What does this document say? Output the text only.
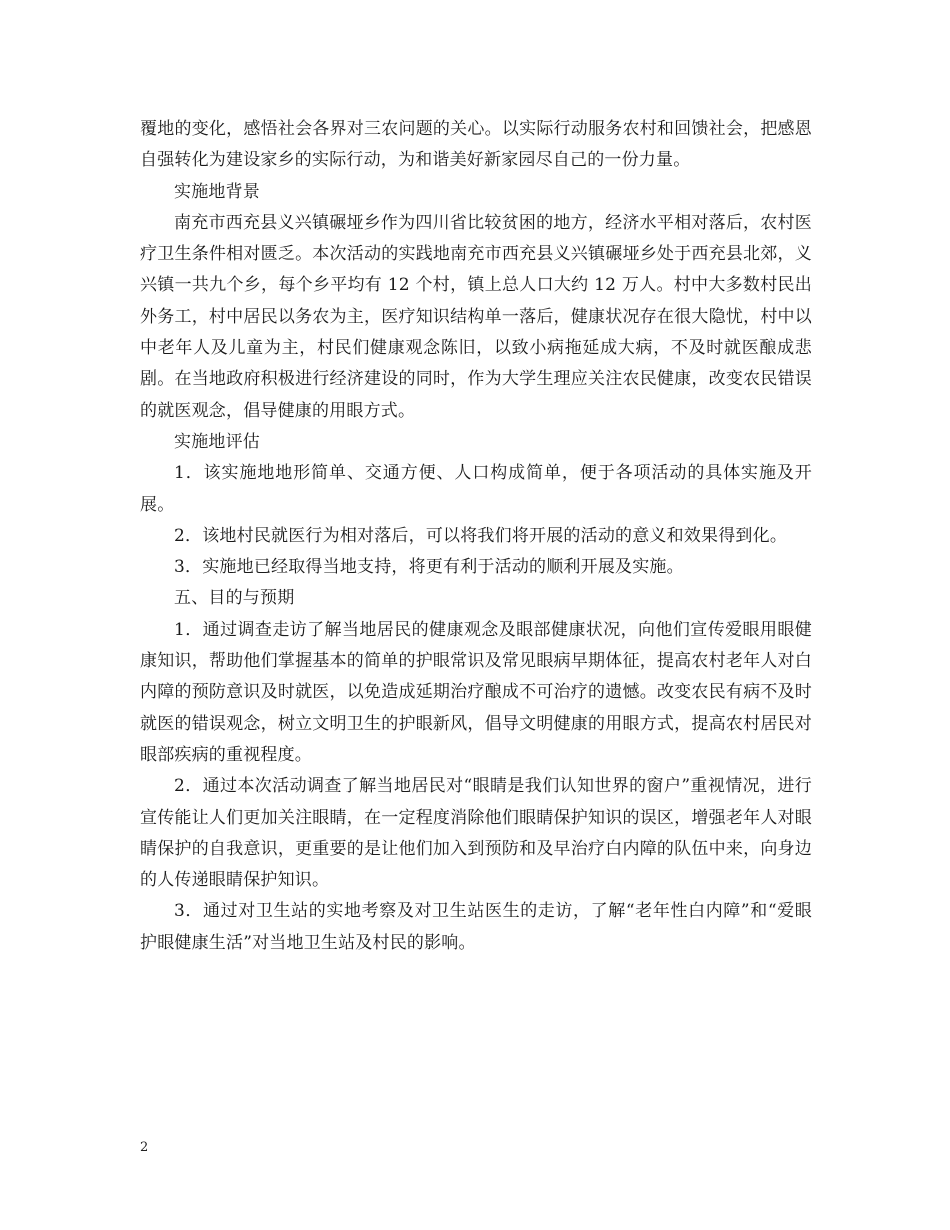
覆地的变化，感悟社会各界对三农问题的关心。以实际行动服务农村和回馈社会，把感恩自强转化为建设家乡的实际行动，为和谐美好新家园尽自己的一份力量。

实施地背景

南充市西充县义兴镇碾垭乡作为四川省比较贫困的地方，经济水平相对落后，农村医疗卫生条件相对匮乏。本次活动的实践地南充市西充县义兴镇碾垭乡处于西充县北郊，义兴镇一共九个乡，每个乡平均有 12 个村，镇上总人口大约 12 万人。村中大多数村民出外务工，村中居民以务农为主，医疗知识结构单一落后，健康状况存在很大隐忧，村中以中老年人及儿童为主，村民们健康观念陈旧，以致小病拖延成大病，不及时就医酿成悲剧。在当地政府积极进行经济建设的同时，作为大学生理应关注农民健康，改变农民错误的就医观念，倡导健康的用眼方式。

实施地评估

1．该实施地地形简单、交通方便、人口构成简单，便于各项活动的具体实施及开展。

2．该地村民就医行为相对落后，可以将我们将开展的活动的意义和效果得到化。

3．实施地已经取得当地支持，将更有利于活动的顺利开展及实施。

五、目的与预期

1．通过调查走访了解当地居民的健康观念及眼部健康状况，向他们宣传爱眼用眼健康知识，帮助他们掌握基本的简单的护眼常识及常见眼病早期体征，提高农村老年人对白内障的预防意识及时就医，以免造成延期治疗酿成不可治疗的遗憾。改变农民有病不及时就医的错误观念，树立文明卫生的护眼新风，倡导文明健康的用眼方式，提高农村居民对眼部疾病的重视程度。

2．通过本次活动调查了解当地居民对“眼睛是我们认知世界的窗户”重视情况，进行宣传能让人们更加关注眼睛，在一定程度消除他们眼睛保护知识的误区，增强老年人对眼睛保护的自我意识，更重要的是让他们加入到预防和及早治疗白内障的队伍中来，向身边的人传递眼睛保护知识。

3．通过对卫生站的实地考察及对卫生站医生的走访，了解“老年性白内障”和“爱眼护眼健康生活”对当地卫生站及村民的影响。

2
